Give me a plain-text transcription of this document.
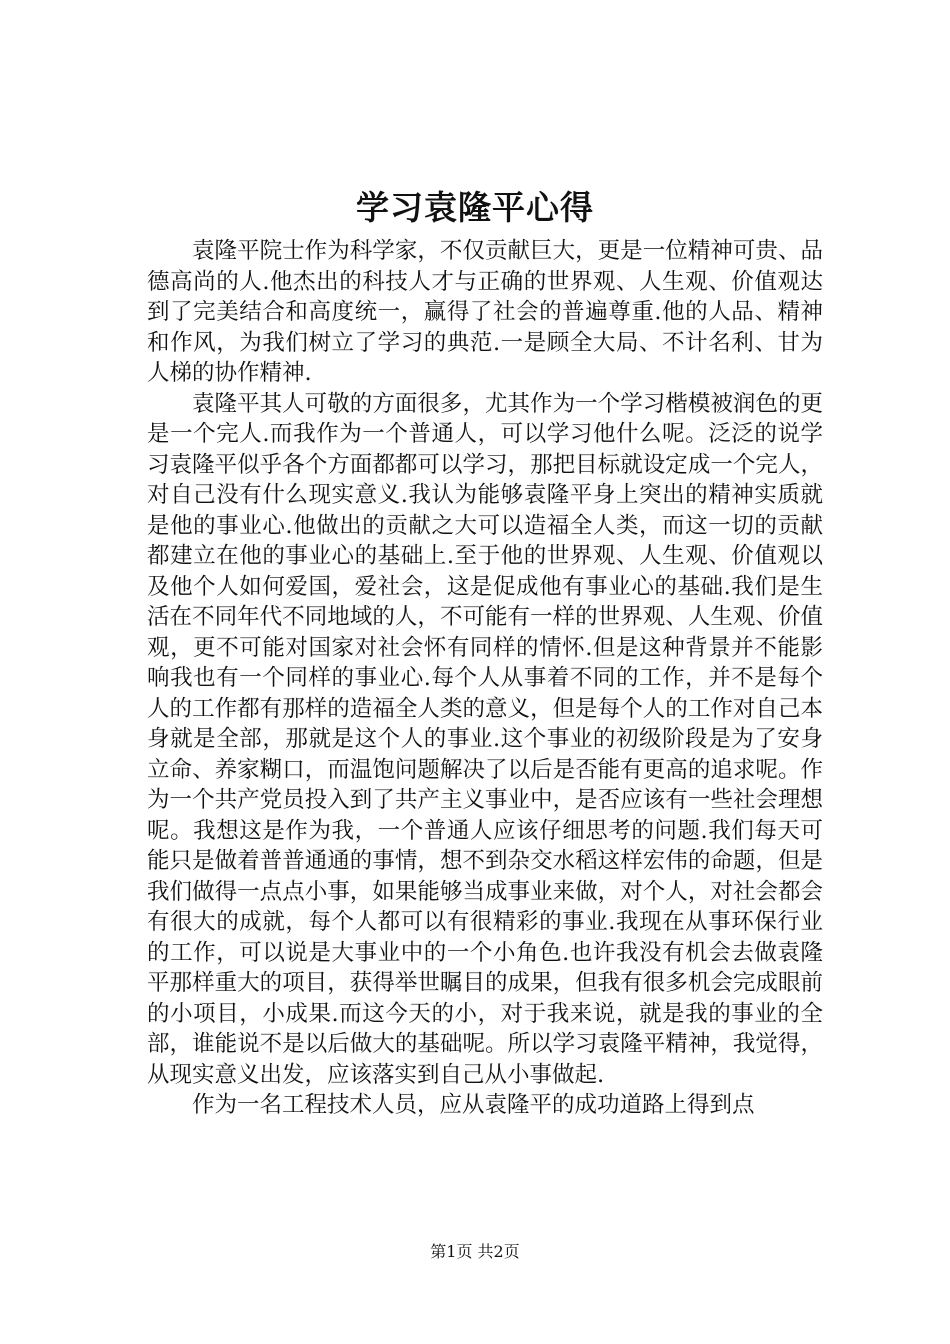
学习袁隆平心得

袁隆平院士作为科学家，不仅贡献巨大，更是一位精神可贵、品德高尚的人.他杰出的科技人才与正确的世界观、人生观、价值观达到了完美结合和高度统一，赢得了社会的普遍尊重.他的人品、精神和作风，为我们树立了学习的典范.一是顾全大局、不计名利、甘为人梯的协作精神.

袁隆平其人可敬的方面很多，尤其作为一个学习楷模被润色的更是一个完人.而我作为一个普通人，可以学习他什么呢。泛泛的说学习袁隆平似乎各个方面都都可以学习，那把目标就设定成一个完人，对自己没有什么现实意义.我认为能够袁隆平身上突出的精神实质就是他的事业心.他做出的贡献之大可以造福全人类，而这一切的贡献都建立在他的事业心的基础上.至于他的世界观、人生观、价值观以及他个人如何爱国，爱社会，这是促成他有事业心的基础.我们是生活在不同年代不同地域的人，不可能有一样的世界观、人生观、价值观，更不可能对国家对社会怀有同样的情怀.但是这种背景并不能影响我也有一个同样的事业心.每个人从事着不同的工作，并不是每个人的工作都有那样的造福全人类的意义，但是每个人的工作对自己本身就是全部，那就是这个人的事业.这个事业的初级阶段是为了安身立命、养家糊口，而温饱问题解决了以后是否能有更高的追求呢。作为一个共产党员投入到了共产主义事业中，是否应该有一些社会理想呢。我想这是作为我，一个普通人应该仔细思考的问题.我们每天可能只是做着普普通通的事情，想不到杂交水稻这样宏伟的命题，但是我们做得一点点小事，如果能够当成事业来做，对个人，对社会都会有很大的成就，每个人都可以有很精彩的事业.我现在从事环保行业的工作，可以说是大事业中的一个小角色.也许我没有机会去做袁隆平那样重大的项目，获得举世瞩目的成果，但我有很多机会完成眼前的小项目，小成果.而这今天的小，对于我来说，就是我的事业的全部，谁能说不是以后做大的基础呢。所以学习袁隆平精神，我觉得，从现实意义出发，应该落实到自己从小事做起.

作为一名工程技术人员，应从袁隆平的成功道路上得到点

第1页 共2页
